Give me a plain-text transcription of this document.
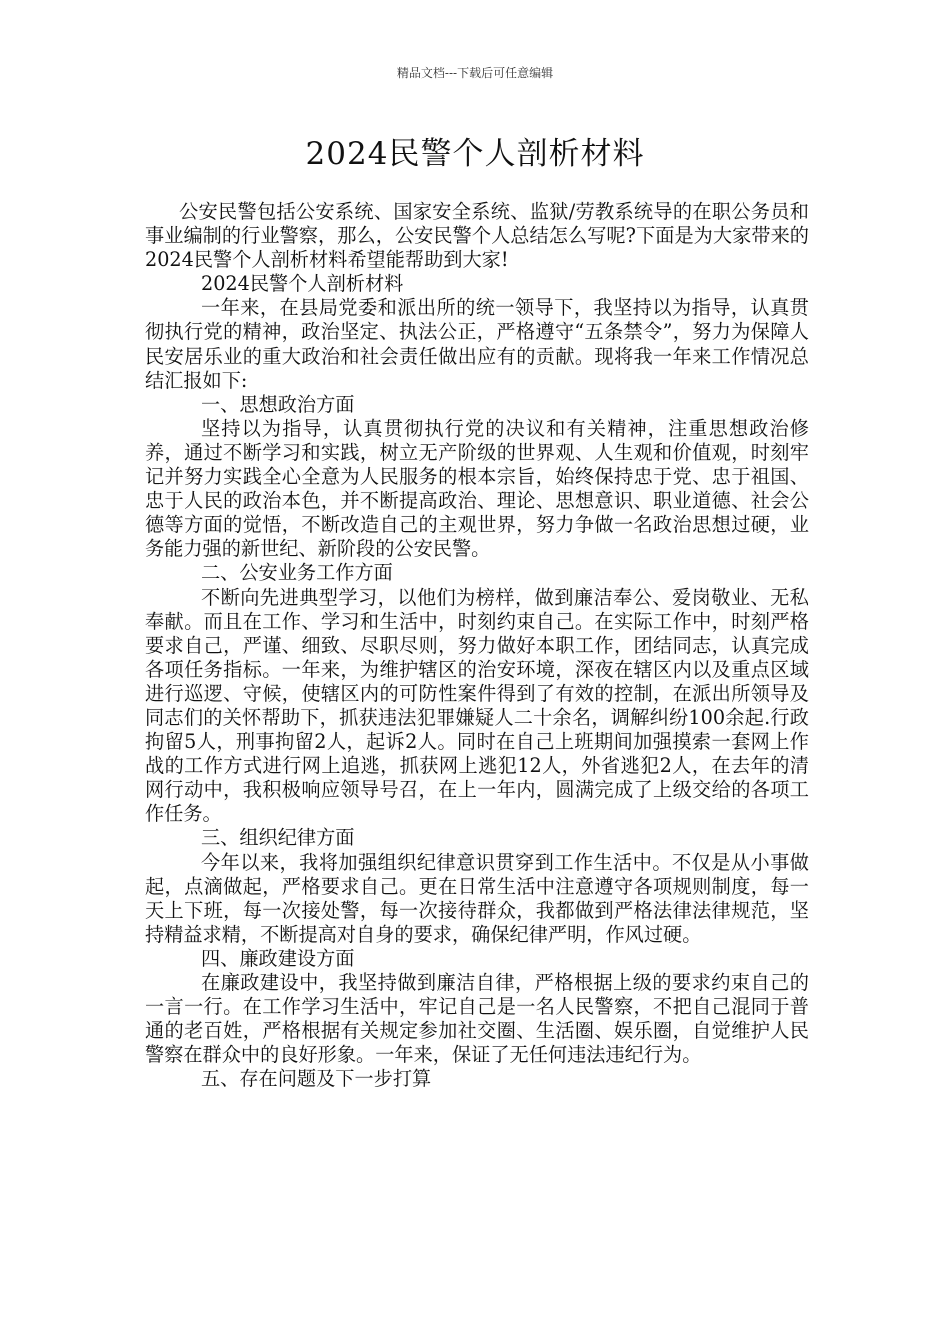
精品文档---下载后可任意编辑
2024民警个人剖析材料

公安民警包括公安系统、国家安全系统、监狱/劳教系统导的在职公务员和事业编制的行业警察，那么，公安民警个人总结怎么写呢?下面是为大家带来的2024民警个人剖析材料希望能帮助到大家!

2024民警个人剖析材料

一年来，在县局党委和派出所的统一领导下，我坚持以为指导，认真贯彻执行党的精神，政治坚定、执法公正，严格遵守“五条禁令”，努力为保障人民安居乐业的重大政治和社会责任做出应有的贡献。现将我一年来工作情况总结汇报如下:

一、思想政治方面

坚持以为指导，认真贯彻执行党的决议和有关精神，注重思想政治修养，通过不断学习和实践，树立无产阶级的世界观、人生观和价值观，时刻牢记并努力实践全心全意为人民服务的根本宗旨，始终保持忠于党、忠于祖国、忠于人民的政治本色，并不断提高政治、理论、思想意识、职业道德、社会公德等方面的觉悟，不断改造自己的主观世界，努力争做一名政治思想过硬，业务能力强的新世纪、新阶段的公安民警。

二、公安业务工作方面

不断向先进典型学习，以他们为榜样，做到廉洁奉公、爱岗敬业、无私奉献。而且在工作、学习和生活中，时刻约束自己。在实际工作中，时刻严格要求自己，严谨、细致、尽职尽则，努力做好本职工作，团结同志，认真完成各项任务指标。一年来，为维护辖区的治安环境，深夜在辖区内以及重点区域进行巡逻、守候，使辖区内的可防性案件得到了有效的控制，在派出所领导及同志们的关怀帮助下，抓获违法犯罪嫌疑人二十余名，调解纠纷100余起.行政拘留5人，刑事拘留2人，起诉2人。同时在自己上班期间加强摸索一套网上作战的工作方式进行网上追逃，抓获网上逃犯12人，外省逃犯2人，在去年的清网行动中，我积极响应领导号召，在上一年内，圆满完成了上级交给的各项工作任务。

三、组织纪律方面

今年以来，我将加强组织纪律意识贯穿到工作生活中。不仅是从小事做起，点滴做起，严格要求自己。更在日常生活中注意遵守各项规则制度，每一天上下班，每一次接处警，每一次接待群众，我都做到严格法律法律规范，坚持精益求精，不断提高对自身的要求，确保纪律严明，作风过硬。

四、廉政建设方面

在廉政建设中，我坚持做到廉洁自律，严格根据上级的要求约束自己的一言一行。在工作学习生活中，牢记自己是一名人民警察，不把自己混同于普通的老百姓，严格根据有关规定参加社交圈、生活圈、娱乐圈，自觉维护人民警察在群众中的良好形象。一年来，保证了无任何违法违纪行为。

五、存在问题及下一步打算
